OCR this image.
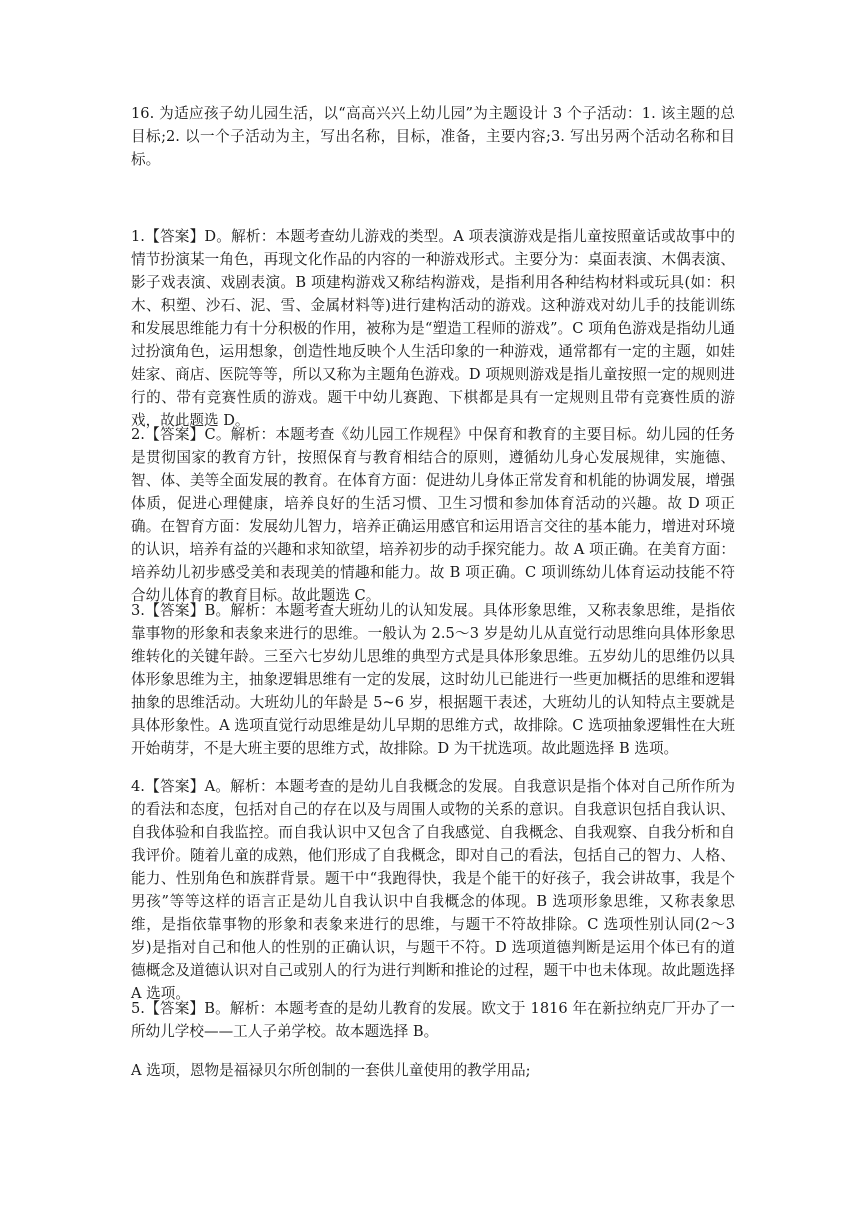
16. 为适应孩子幼儿园生活，以“高高兴兴上幼儿园”为主题设计 3 个子活动：1. 该主题的总目标;2. 以一个子活动为主，写出名称，目标，准备，主要内容;3. 写出另两个活动名称和目标。

1.【答案】D。解析：本题考查幼儿游戏的类型。A 项表演游戏是指儿童按照童话或故事中的情节扮演某一角色，再现文化作品的内容的一种游戏形式。主要分为：桌面表演、木偶表演、影子戏表演、戏剧表演。B 项建构游戏又称结构游戏，是指利用各种结构材料或玩具(如：积木、积塑、沙石、泥、雪、金属材料等)进行建构活动的游戏。这种游戏对幼儿手的技能训练和发展思维能力有十分积极的作用，被称为是“塑造工程师的游戏”。C 项角色游戏是指幼儿通过扮演角色，运用想象，创造性地反映个人生活印象的一种游戏，通常都有一定的主题，如娃娃家、商店、医院等等，所以又称为主题角色游戏。D 项规则游戏是指儿童按照一定的规则进行的、带有竞赛性质的游戏。题干中幼儿赛跑、下棋都是具有一定规则且带有竞赛性质的游戏，故此题选 D。

2.【答案】C。解析：本题考查《幼儿园工作规程》中保育和教育的主要目标。幼儿园的任务是贯彻国家的教育方针，按照保育与教育相结合的原则，遵循幼儿身心发展规律，实施德、智、体、美等全面发展的教育。在体育方面：促进幼儿身体正常发育和机能的协调发展，增强体质，促进心理健康，培养良好的生活习惯、卫生习惯和参加体育活动的兴趣。故 D 项正确。在智育方面：发展幼儿智力，培养正确运用感官和运用语言交往的基本能力，增进对环境的认识，培养有益的兴趣和求知欲望，培养初步的动手探究能力。故 A 项正确。在美育方面：培养幼儿初步感受美和表现美的情趣和能力。故 B 项正确。C 项训练幼儿体育运动技能不符合幼儿体育的教育目标。故此题选 C。

3.【答案】B。解析：本题考查大班幼儿的认知发展。具体形象思维，又称表象思维，是指依靠事物的形象和表象来进行的思维。一般认为 2.5～3 岁是幼儿从直觉行动思维向具体形象思维转化的关键年龄。三至六七岁幼儿思维的典型方式是具体形象思维。五岁幼儿的思维仍以具体形象思维为主，抽象逻辑思维有一定的发展，这时幼儿已能进行一些更加概括的思维和逻辑抽象的思维活动。大班幼儿的年龄是 5~6 岁，根据题干表述，大班幼儿的认知特点主要就是具体形象性。A 选项直觉行动思维是幼儿早期的思维方式，故排除。C 选项抽象逻辑性在大班开始萌芽，不是大班主要的思维方式，故排除。D 为干扰选项。故此题选择 B 选项。

4.【答案】A。解析：本题考查的是幼儿自我概念的发展。自我意识是指个体对自己所作所为的看法和态度，包括对自己的存在以及与周围人或物的关系的意识。自我意识包括自我认识、自我体验和自我监控。而自我认识中又包含了自我感觉、自我概念、自我观察、自我分析和自我评价。随着儿童的成熟，他们形成了自我概念，即对自己的看法，包括自己的智力、人格、能力、性别角色和族群背景。题干中“我跑得快，我是个能干的好孩子，我会讲故事，我是个男孩”等等这样的语言正是幼儿自我认识中自我概念的体现。B 选项形象思维，又称表象思维，是指依靠事物的形象和表象来进行的思维，与题干不符故排除。C 选项性别认同(2～3 岁)是指对自己和他人的性别的正确认识，与题干不符。D 选项道德判断是运用个体已有的道德概念及道德认识对自己或别人的行为进行判断和推论的过程，题干中也未体现。故此题选择 A 选项。

5.【答案】B。解析：本题考查的是幼儿教育的发展。欧文于 1816 年在新拉纳克厂开办了一所幼儿学校——工人子弟学校。故本题选择 B。

A 选项，恩物是福禄贝尔所创制的一套供儿童使用的教学用品;
